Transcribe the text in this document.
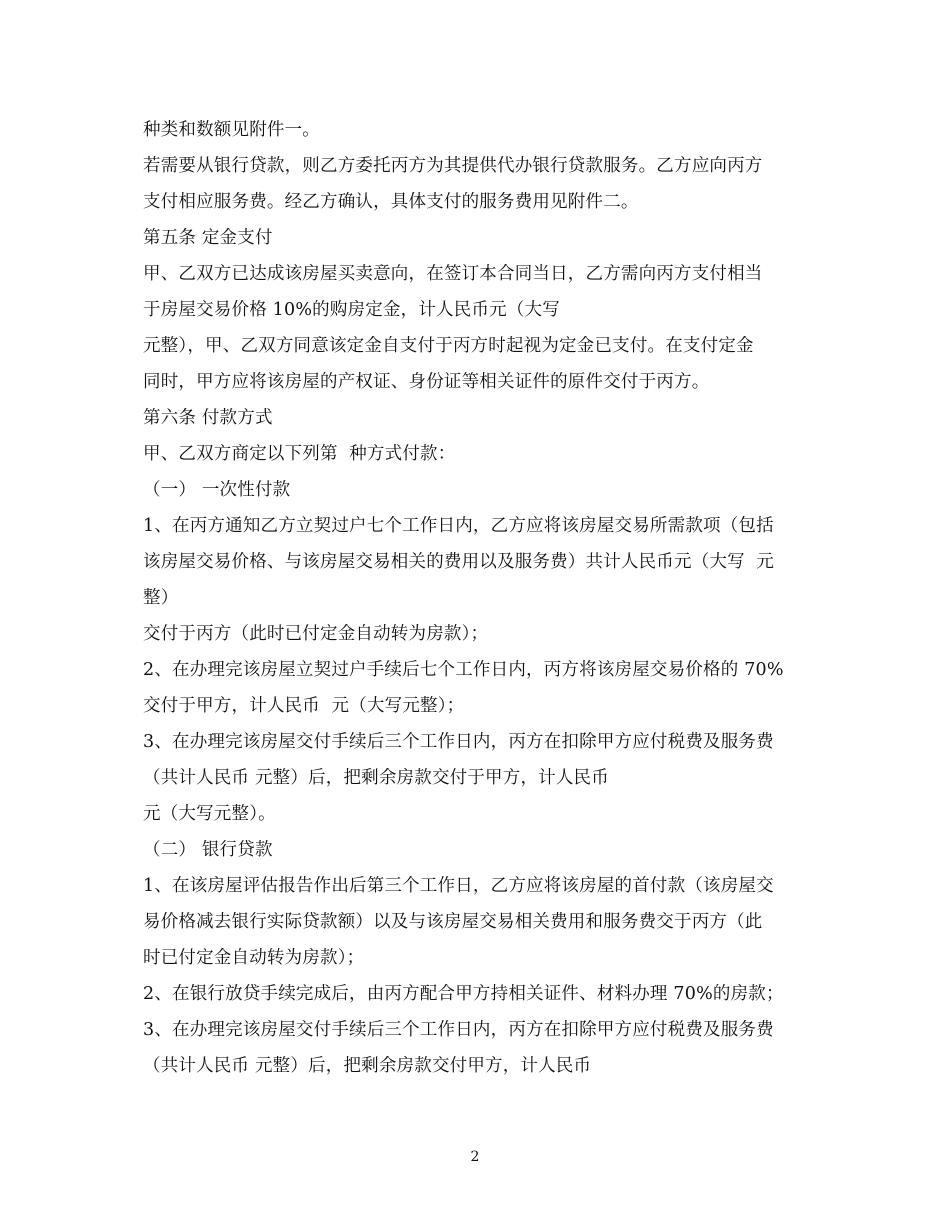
种类和数额见附件一。
若需要从银行贷款，则乙方委托丙方为其提供代办银行贷款服务。乙方应向丙方
支付相应服务费。经乙方确认，具体支付的服务费用见附件二。
第五条 定金支付
甲、乙双方已达成该房屋买卖意向，在签订本合同当日，乙方需向丙方支付相当
于房屋交易价格 10%的购房定金，计人民币元（大写
元整），甲、乙双方同意该定金自支付于丙方时起视为定金已支付。在支付定金
同时，甲方应将该房屋的产权证、身份证等相关证件的原件交付于丙方。
第六条 付款方式
甲、乙双方商定以下列第  种方式付款：
（一） 一次性付款
1、在丙方通知乙方立契过户七个工作日内，乙方应将该房屋交易所需款项（包括
该房屋交易价格、与该房屋交易相关的费用以及服务费）共计人民币元（大写  元
整）
交付于丙方（此时已付定金自动转为房款）；
2、在办理完该房屋立契过户手续后七个工作日内，丙方将该房屋交易价格的 70%
交付于甲方，计人民币  元（大写元整）；
3、在办理完该房屋交付手续后三个工作日内，丙方在扣除甲方应付税费及服务费
（共计人民币 元整）后，把剩余房款交付于甲方，计人民币
元（大写元整）。
（二） 银行贷款
1、在该房屋评估报告作出后第三个工作日，乙方应将该房屋的首付款（该房屋交
易价格减去银行实际贷款额）以及与该房屋交易相关费用和服务费交于丙方（此
时已付定金自动转为房款）；
2、在银行放贷手续完成后，由丙方配合甲方持相关证件、材料办理 70%的房款；
3、在办理完该房屋交付手续后三个工作日内，丙方在扣除甲方应付税费及服务费
（共计人民币 元整）后，把剩余房款交付甲方，计人民币
2
